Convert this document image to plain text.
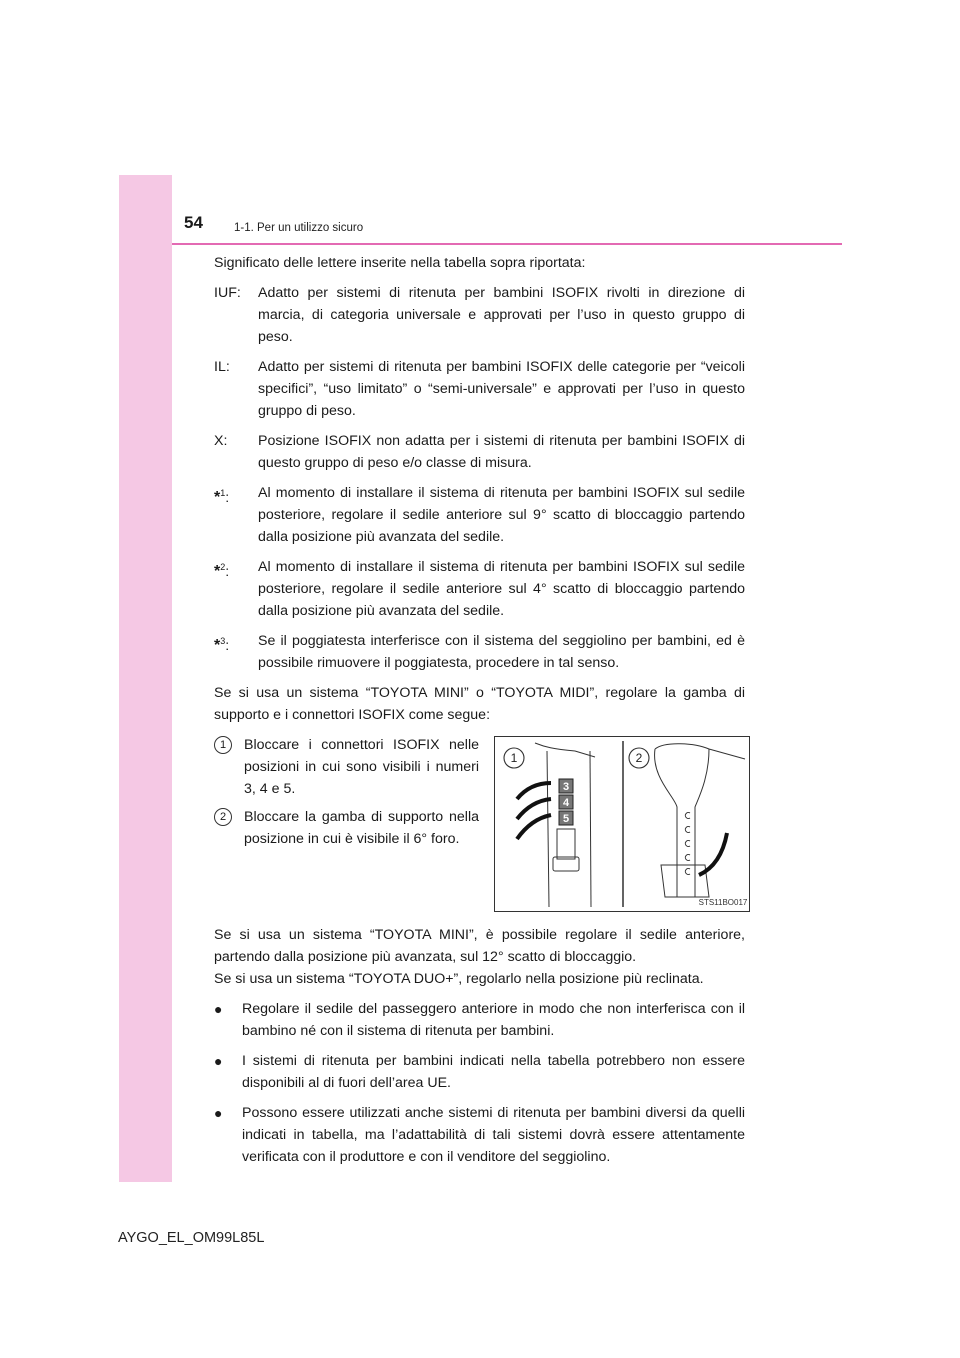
54	1-1. Per un utilizzo sicuro

Significato delle lettere inserite nella tabella sopra riportata:

IUF:	Adatto per sistemi di ritenuta per bambini ISOFIX rivolti in direzione di marcia, di categoria universale e approvati per l’uso in questo gruppo di peso.
IL:	Adatto per sistemi di ritenuta per bambini ISOFIX delle categorie per “veicoli specifici”, “uso limitato” o “semi-universale” e approvati per l’uso in questo gruppo di peso.
X:	Posizione ISOFIX non adatta per i sistemi di ritenuta per bambini ISOFIX di questo gruppo di peso e/o classe di misura.
*$^1$:	Al momento di installare il sistema di ritenuta per bambini ISOFIX sul sedile posteriore, regolare il sedile anteriore sul 9° scatto di bloccaggio partendo dalla posizione più avanzata del sedile.
*$^2$:	Al momento di installare il sistema di ritenuta per bambini ISOFIX sul sedile posteriore, regolare il sedile anteriore sul 4° scatto di bloccaggio partendo dalla posizione più avanzata del sedile.
*$^3$:	Se il poggiatesta interferisce con il sistema del seggiolino per bambini, ed è possibile rimuovere il poggiatesta, procedere in tal senso.

Se si usa un sistema “TOYOTA MINI” o “TOYOTA MIDI”, regolare la gamba di supporto e i connettori ISOFIX come segue:

1	Bloccare i connettori ISOFIX nelle posizioni in cui sono visibili i numeri 3, 4 e 5.
2	Bloccare la gamba di supporto nella posizione in cui è visibile il 6° foro.
3
4
5
1	2
STS11BO017

Se si usa un sistema “TOYOTA MINI”, è possibile regolare il sedile anteriore, partendo dalla posizione più avanzata, sul 12° scatto di bloccaggio.

Se si usa un sistema “TOYOTA DUO+”, regolarlo nella posizione più reclinata.

●	Regolare il sedile del passeggero anteriore in modo che non interferisca con il bambino né con il sistema di ritenuta per bambini.
●	I sistemi di ritenuta per bambini indicati nella tabella potrebbero non essere disponibili al di fuori dell’area UE.
●	Possono essere utilizzati anche sistemi di ritenuta per bambini diversi da quelli indicati in tabella, ma l’adattabilità di tali sistemi dovrà essere attentamente verificata con il produttore e con il venditore del seggiolino.
AYGO_EL_OM99L85L
